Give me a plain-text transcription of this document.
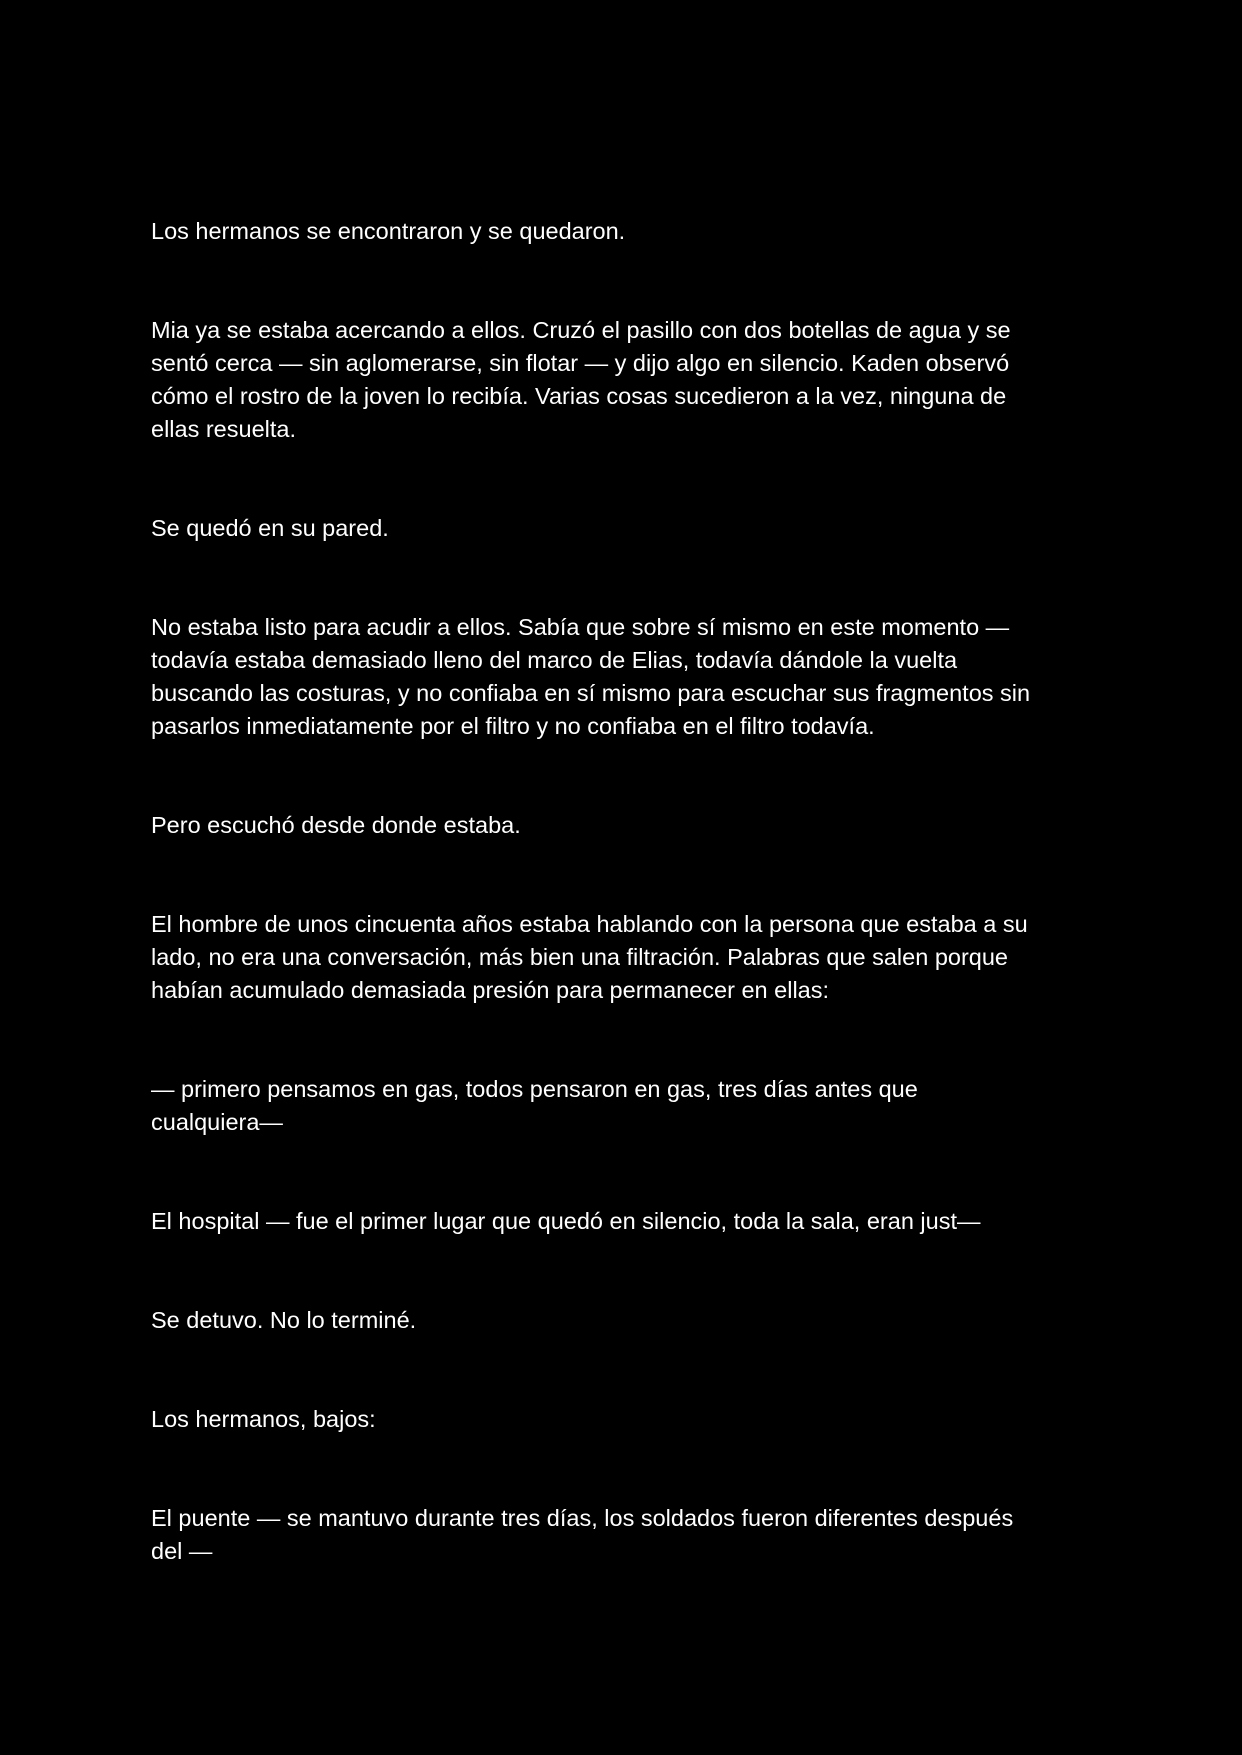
Los hermanos se encontraron y se quedaron.

Mia ya se estaba acercando a ellos. Cruzó el pasillo con dos botellas de agua y se
sentó cerca — sin aglomerarse, sin flotar — y dijo algo en silencio. Kaden observó
cómo el rostro de la joven lo recibía. Varias cosas sucedieron a la vez, ninguna de
ellas resuelta.

Se quedó en su pared.

No estaba listo para acudir a ellos. Sabía que sobre sí mismo en este momento —
todavía estaba demasiado lleno del marco de Elias, todavía dándole la vuelta
buscando las costuras, y no confiaba en sí mismo para escuchar sus fragmentos sin
pasarlos inmediatamente por el filtro y no confiaba en el filtro todavía.

Pero escuchó desde donde estaba.

El hombre de unos cincuenta años estaba hablando con la persona que estaba a su
lado, no era una conversación, más bien una filtración. Palabras que salen porque
habían acumulado demasiada presión para permanecer en ellas:

— primero pensamos en gas, todos pensaron en gas, tres días antes que
cualquiera—

El hospital — fue el primer lugar que quedó en silencio, toda la sala, eran just—

Se detuvo. No lo terminé.

Los hermanos, bajos:

El puente — se mantuvo durante tres días, los soldados fueron diferentes después
del —
